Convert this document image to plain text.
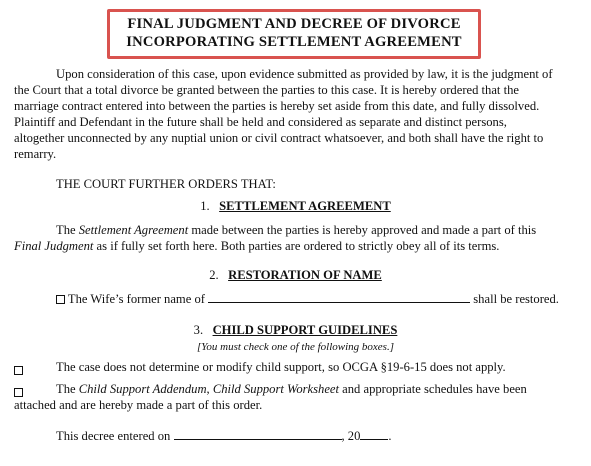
FINAL JUDGMENT AND DECREE OF DIVORCE
INCORPORATING SETTLEMENT AGREEMENT
Upon consideration of this case, upon evidence submitted as provided by law, it is the judgment of
the Court that a total divorce be granted between the parties to this case. It is hereby ordered that the
marriage contract entered into between the parties is hereby set aside from this date, and fully dissolved.
Plaintiff and Defendant in the future shall be held and considered as separate and distinct persons,
altogether unconnected by any nuptial union or civil contract whatsoever, and both shall have the right to
remarry.
THE COURT FURTHER ORDERS THAT:
1. SETTLEMENT AGREEMENT
The Settlement Agreement made between the parties is hereby approved and made a part of this
Final Judgment as if fully set forth here. Both parties are ordered to strictly obey all of its terms.
2. RESTORATION OF NAME
The Wife’s former name of	shall be restored.
3. CHILD SUPPORT GUIDELINES
[You must check one of the following boxes.]
The case does not determine or modify child support, so OCGA §19-6-15 does not apply.
The Child Support Addendum, Child Support Worksheet and appropriate schedules have been
attached and are hereby made a part of this order.
This decree entered on	, 20 .
